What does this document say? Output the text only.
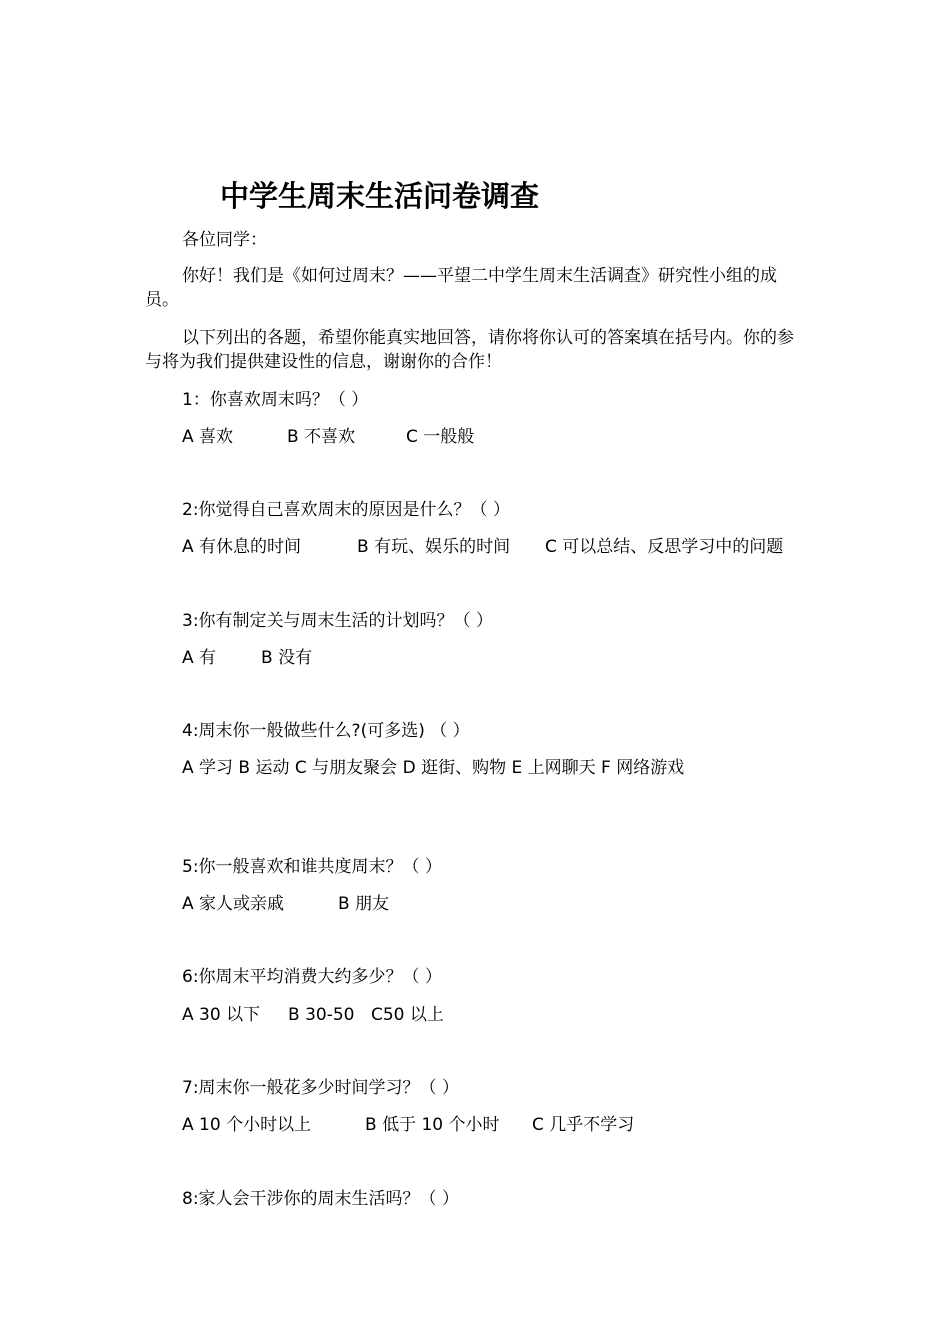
中学生周末生活问卷调查
各位同学：
你好！我们是《如何过周末？——平望二中学生周末生活调查》研究性小组的成员。
以下列出的各题，希望你能真实地回答，请你将你认可的答案填在括号内。你的参与将为我们提供建设性的信息，谢谢你的合作！
1：你喜欢周末吗？（ ）
A 喜欢	B 不喜欢	C 一般般
2:你觉得自己喜欢周末的原因是什么？（ ）
A 有休息的时间	B 有玩、娱乐的时间 C 可以总结、反思学习中的问题
3:你有制定关与周末生活的计划吗？（ ）
A 有	B 没有
4:周末你一般做些什么?(可多选) （ ）
A 学习 B 运动 C 与朋友聚会 D 逛街、购物 E 上网聊天 F 网络游戏
5:你一般喜欢和谁共度周末？（ ）
A 家人或亲戚	B 朋友
6:你周末平均消费大约多少？（ ）
A 30 以下 B 30-50 C50 以上
7:周末你一般花多少时间学习？（ ）
A 10 个小时以上	B 低于 10 个小时 C 几乎不学习
8:家人会干涉你的周末生活吗？（ ）
